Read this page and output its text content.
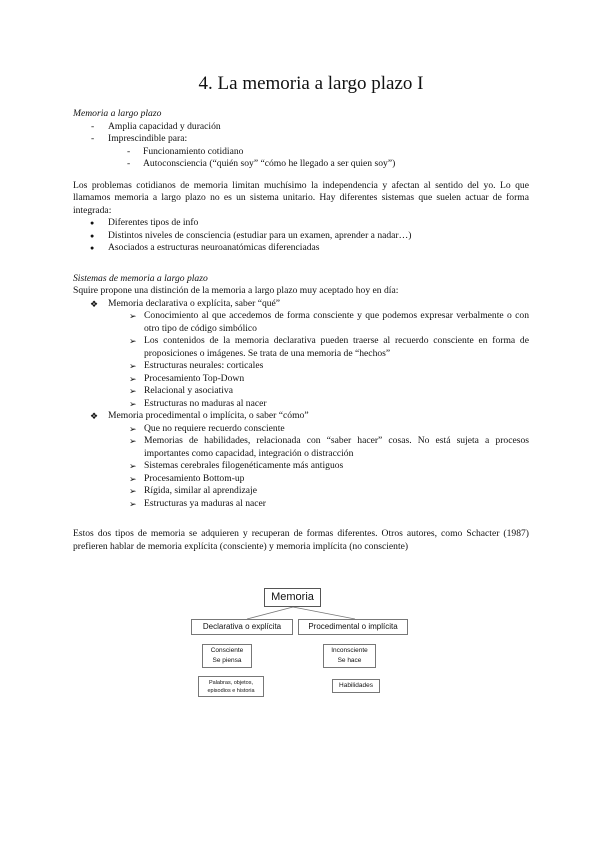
4. La memoria a largo plazo I

Memoria a largo plazo

- Amplia capacidad y duración
- Imprescindible para:
- Funcionamiento cotidiano
- Autoconsciencia (“quién soy” “cómo he llegado a ser quien soy”)

Los problemas cotidianos de memoria limitan muchísimo la independencia y afectan al sentido del yo. Lo que llamamos memoria a largo plazo no es un sistema unitario. Hay diferentes sistemas que suelen actuar de forma integrada:

● Diferentes tipos de info
● Distintos niveles de consciencia (estudiar para un examen, aprender a nadar…)
● Asociados a estructuras neuroanatómicas diferenciadas

Sistemas de memoria a largo plazo

Squire propone una distinción de la memoria a largo plazo muy aceptado hoy en día:

❖ Memoria declarativa o explícita, saber “qué”
➢ Conocimiento al que accedemos de forma consciente y que podemos expresar verbalmente o con otro tipo de código simbólico
➢ Los contenidos de la memoria declarativa pueden traerse al recuerdo consciente en forma de proposiciones o imágenes. Se trata de una memoria de “hechos”
➢ Estructuras neurales: corticales
➢ Procesamiento Top-Down
➢ Relacional y asociativa
➢ Estructuras no maduras al nacer
❖ Memoria procedimental o implícita, o saber “cómo”
➢ Que no requiere recuerdo consciente
➢ Memorias de habilidades, relacionada con “saber hacer” cosas. No está sujeta a procesos importantes como capacidad, integración o distracción
➢ Sistemas cerebrales filogenéticamente más antiguos
➢ Procesamiento Bottom-up
➢ Rígida, similar al aprendizaje
➢ Estructuras ya maduras al nacer

Estos dos tipos de memoria se adquieren y recuperan de formas diferentes. Otros autores, como Schacter (1987) prefieren hablar de memoria explícita (consciente) y memoria implícita (no consciente)

Memoria
Declarativa o explícita	Procedimental o implícita
Consciente
Se piensa
Inconsciente
Se hace
Palabras, objetos,
episodios e historia
Habilidades
